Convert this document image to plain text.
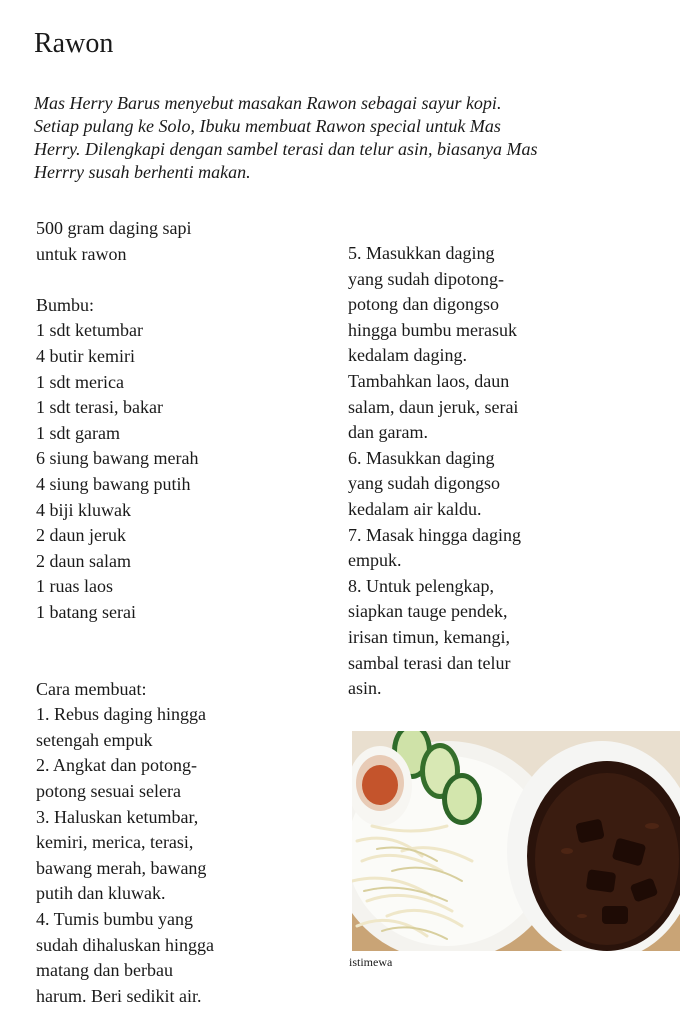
Rawon

Mas Herry Barus menyebut masakan Rawon sebagai sayur kopi.
Setiap pulang ke Solo, Ibuku membuat Rawon special untuk Mas
Herry. Dilengkapi dengan sambel terasi dan telur asin, biasanya Mas
Herrry susah berhenti makan.

500 gram daging sapi
untuk rawon
Bumbu:
1 sdt ketumbar
4 butir kemiri
1 sdt merica
1 sdt terasi, bakar
1 sdt garam
6 siung bawang merah
4 siung bawang putih
4 biji kluwak
2 daun jeruk
2 daun salam
1 ruas laos
1 batang serai
Cara membuat:
1. Rebus daging hingga
setengah empuk
2. Angkat dan potong-
potong sesuai selera
3. Haluskan ketumbar,
kemiri, merica, terasi,
bawang merah, bawang
putih dan kluwak.
4. Tumis bumbu yang
sudah dihaluskan hingga
matang dan berbau
harum. Beri sedikit air.
5. Masukkan daging
yang sudah dipotong-
potong dan digongso
hingga bumbu merasuk
kedalam daging.
Tambahkan laos, daun
salam, daun jeruk, serai
dan garam.
6. Masukkan daging
yang sudah digongso
kedalam air kaldu.
7. Masak hingga daging
empuk.
8. Untuk pelengkap,
siapkan tauge pendek,
irisan timun, kemangi,
sambal terasi dan telur
asin.
istimewa
